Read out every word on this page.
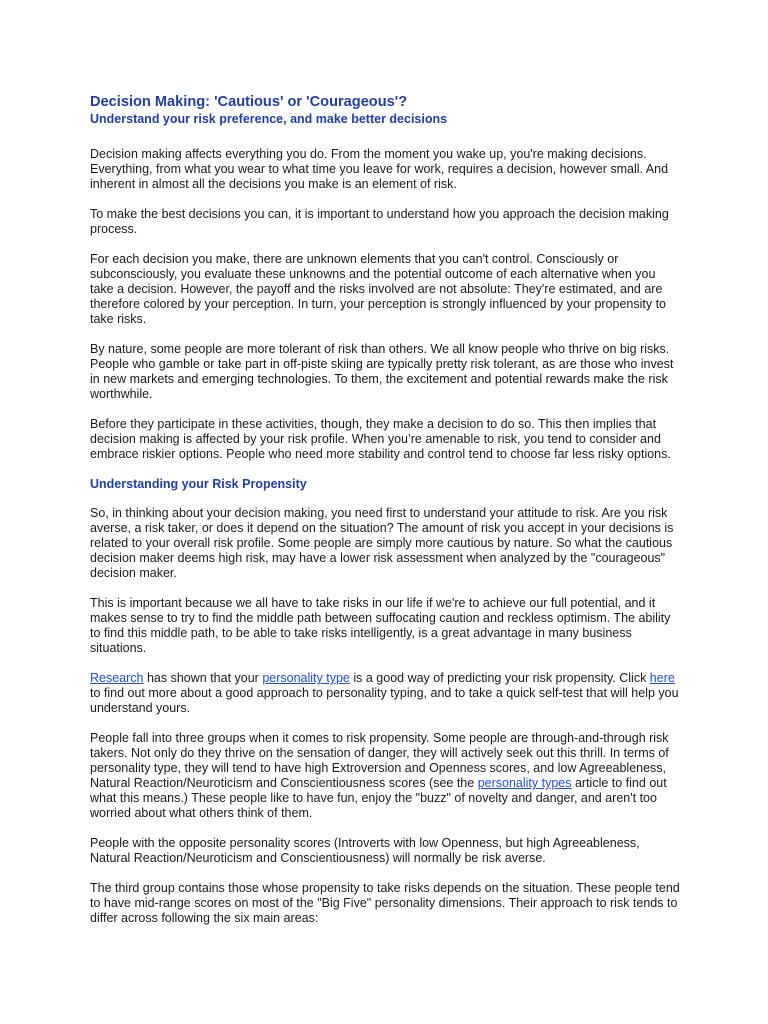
Decision Making: 'Cautious' or 'Courageous'?
Understand your risk preference, and make better decisions

Decision making affects everything you do. From the moment you wake up, you're making decisions. Everything, from what you wear to what time you leave for work, requires a decision, however small. And inherent in almost all the decisions you make is an element of risk.

To make the best decisions you can, it is important to understand how you approach the decision making process.

For each decision you make, there are unknown elements that you can't control. Consciously or subconsciously, you evaluate these unknowns and the potential outcome of each alternative when you take a decision. However, the payoff and the risks involved are not absolute: They're estimated, and are therefore colored by your perception. In turn, your perception is strongly influenced by your propensity to take risks.

By nature, some people are more tolerant of risk than others. We all know people who thrive on big risks. People who gamble or take part in off-piste skiing are typically pretty risk tolerant, as are those who invest in new markets and emerging technologies. To them, the excitement and potential rewards make the risk worthwhile.

Before they participate in these activities, though, they make a decision to do so. This then implies that decision making is affected by your risk profile. When you’re amenable to risk, you tend to consider and embrace riskier options. People who need more stability and control tend to choose far less risky options.

Understanding your Risk Propensity

So, in thinking about your decision making, you need first to understand your attitude to risk. Are you risk averse, a risk taker, or does it depend on the situation? The amount of risk you accept in your decisions is related to your overall risk profile. Some people are simply more cautious by nature. So what the cautious decision maker deems high risk, may have a lower risk assessment when analyzed by the "courageous" decision maker.

This is important because we all have to take risks in our life if we're to achieve our full potential, and it makes sense to try to find the middle path between suffocating caution and reckless optimism. The ability to find this middle path, to be able to take risks intelligently, is a great advantage in many business situations.

Research has shown that your personality type is a good way of predicting your risk propensity. Click here to find out more about a good approach to personality typing, and to take a quick self-test that will help you understand yours.

People fall into three groups when it comes to risk propensity. Some people are through-and-through risk takers. Not only do they thrive on the sensation of danger, they will actively seek out this thrill. In terms of personality type, they will tend to have high Extroversion and Openness scores, and low Agreeableness, Natural Reaction/Neuroticism and Conscientiousness scores (see the personality types article to find out what this means.) These people like to have fun, enjoy the "buzz" of novelty and danger, and aren't too worried about what others think of them.

People with the opposite personality scores (Introverts with low Openness, but high Agreeableness, Natural Reaction/Neuroticism and Conscientiousness) will normally be risk averse.

The third group contains those whose propensity to take risks depends on the situation. These people tend to have mid-range scores on most of the "Big Five" personality dimensions. Their approach to risk tends to differ across following the six main areas:
